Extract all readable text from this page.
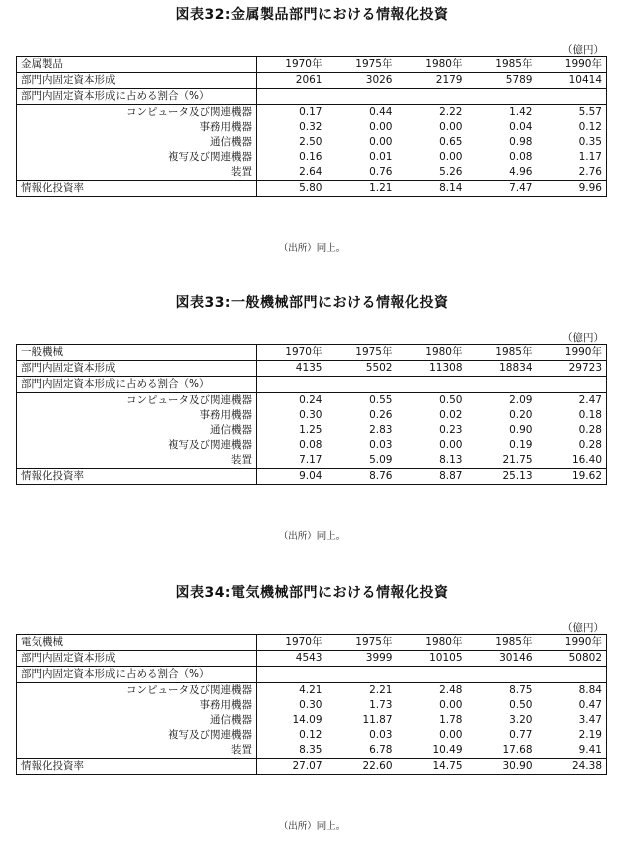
図表32:金属製品部門における情報化投資
（億円）
金属製品	1970年	1975年	1980年	1985年	1990年
部門内固定資本形成	2061	3026	2179	5789	10414
部門内固定資本形成に占める割合（%）					
コンピュータ及び関連機器	0.17	0.44	2.22	1.42	5.57
事務用機器	0.32	0.00	0.00	0.04	0.12
通信機器	2.50	0.00	0.65	0.98	0.35
複写及び関連機器	0.16	0.01	0.00	0.08	1.17
装置	2.64	0.76	5.26	4.96	2.76
情報化投資率	5.80	1.21	8.14	7.47	9.96
（出所）同上。
図表33:一般機械部門における情報化投資
（億円）
一般機械	1970年	1975年	1980年	1985年	1990年
部門内固定資本形成	4135	5502	11308	18834	29723
部門内固定資本形成に占める割合（%）					
コンピュータ及び関連機器	0.24	0.55	0.50	2.09	2.47
事務用機器	0.30	0.26	0.02	0.20	0.18
通信機器	1.25	2.83	0.23	0.90	0.28
複写及び関連機器	0.08	0.03	0.00	0.19	0.28
装置	7.17	5.09	8.13	21.75	16.40
情報化投資率	9.04	8.76	8.87	25.13	19.62
（出所）同上。
図表34:電気機械部門における情報化投資
（億円）
電気機械	1970年	1975年	1980年	1985年	1990年
部門内固定資本形成	4543	3999	10105	30146	50802
部門内固定資本形成に占める割合（%）					
コンピュータ及び関連機器	4.21	2.21	2.48	8.75	8.84
事務用機器	0.30	1.73	0.00	0.50	0.47
通信機器	14.09	11.87	1.78	3.20	3.47
複写及び関連機器	0.12	0.03	0.00	0.77	2.19
装置	8.35	6.78	10.49	17.68	9.41
情報化投資率	27.07	22.60	14.75	30.90	24.38
（出所）同上。
